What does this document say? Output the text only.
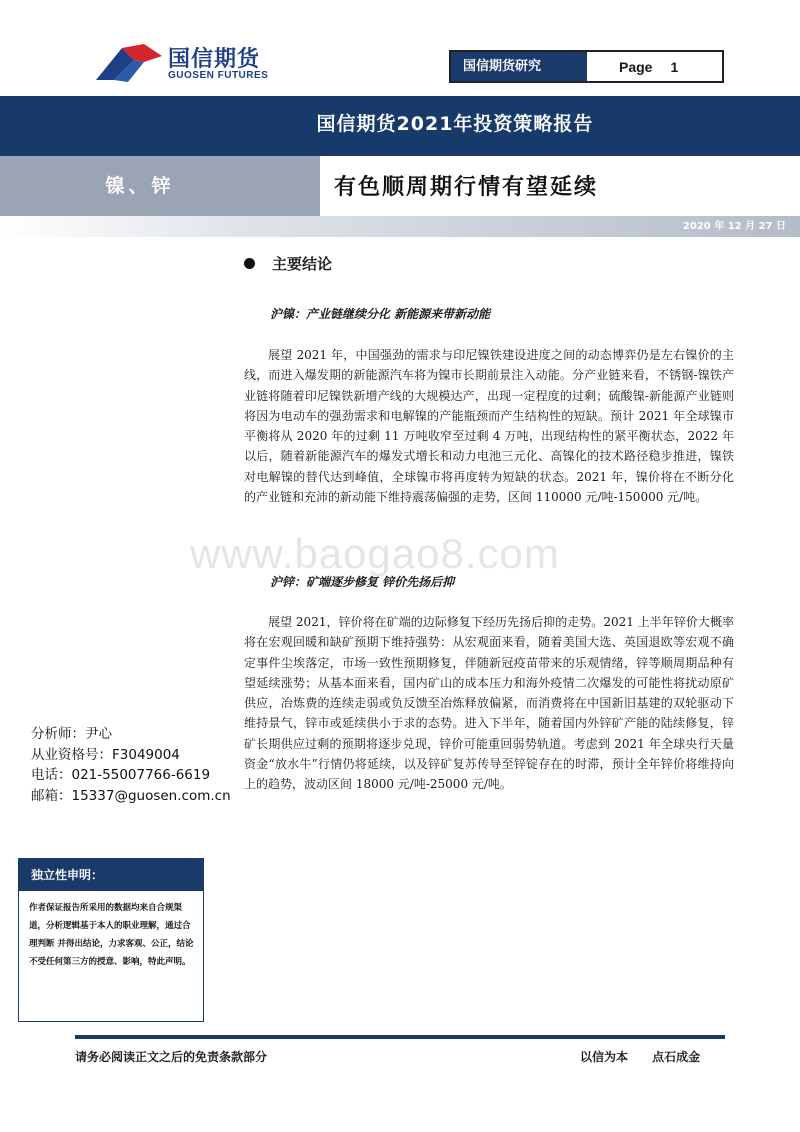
国信期货
GUOSEN FUTURES
国信期货研究	Page 1
国信期货2021年投资策略报告
镍、锌	有色顺周期行情有望延续
2020 年 12 月 27 日
www.baogao8.com
主要结论
沪镍：产业链继续分化 新能源来带新动能
展望 2021 年，中国强劲的需求与印尼镍铁建设进度之间的动态博弈仍是左右镍价的主线，而进入爆发期的新能源汽车将为镍市长期前景注入动能。分产业链来看，不锈钢-镍铁产业链将随着印尼镍铁新增产线的大规模达产，出现一定程度的过剩；硫酸镍-新能源产业链则将因为电动车的强劲需求和电解镍的产能瓶颈而产生结构性的短缺。预计 2021 年全球镍市平衡将从 2020 年的过剩 11 万吨收窄至过剩 4 万吨，出现结构性的紧平衡状态，2022 年以后，随着新能源汽车的爆发式增长和动力电池三元化、高镍化的技术路径稳步推进，镍铁对电解镍的替代达到峰值，全球镍市将再度转为短缺的状态。2021 年，镍价将在不断分化的产业链和充沛的新动能下维持震荡偏强的走势，区间 110000 元/吨-150000 元/吨。
沪锌：矿端逐步修复 锌价先扬后抑
展望 2021，锌价将在矿端的边际修复下经历先扬后抑的走势。2021 上半年锌价大概率将在宏观回暖和缺矿预期下维持强势：从宏观面来看，随着美国大选、英国退欧等宏观不确定事件尘埃落定，市场一致性预期修复，伴随新冠疫苗带来的乐观情绪，锌等顺周期品种有望延续涨势；从基本面来看，国内矿山的成本压力和海外疫情二次爆发的可能性将扰动原矿供应，冶炼费的连续走弱或负反馈至冶炼释放偏紧，而消费将在中国新旧基建的双轮驱动下维持景气，锌市或延续供小于求的态势。进入下半年，随着国内外锌矿产能的陆续修复，锌矿长期供应过剩的预期将逐步兑现，锌价可能重回弱势轨道。考虑到 2021 年全球央行天量资金“放水牛”行情仍将延续，以及锌矿复苏传导至锌锭存在的时滞，预计全年锌价将维持向上的趋势，波动区间 18000 元/吨-25000 元/吨。
分析师：尹心
从业资格号：F3049004
电话：021-55007766-6619
邮箱：15337@guosen.com.cn
独立性申明：
作者保证报告所采用的数据均来自合规渠道，分析逻辑基于本人的职业理解，通过合理判断 并得出结论，力求客观、公正，结论不受任何第三方的授意、影响，特此声明。
请务必阅读正文之后的免责条款部分	以信为本 点石成金
